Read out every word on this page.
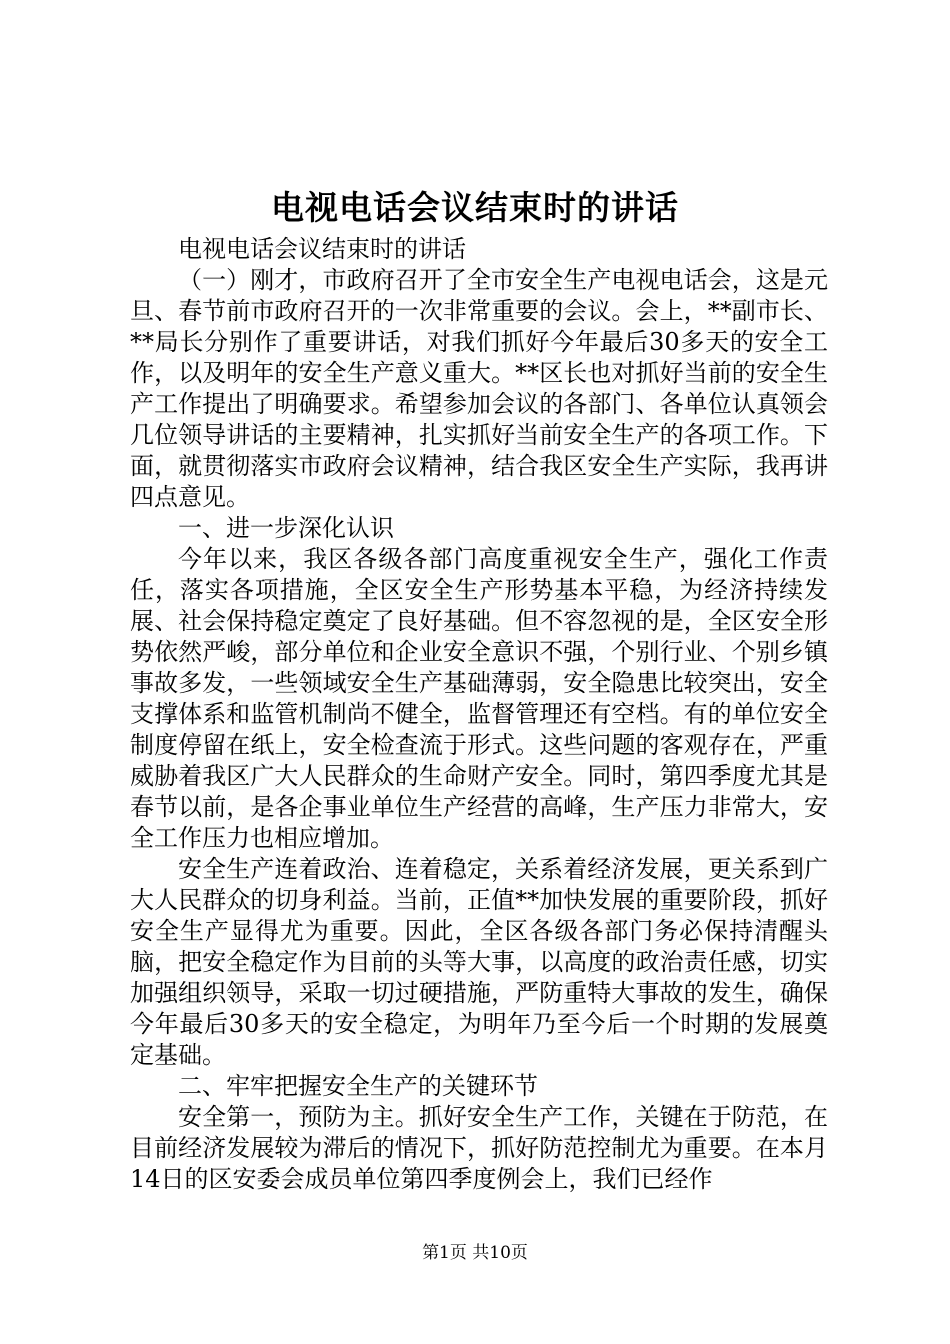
电视电话会议结束时的讲话

电视电话会议结束时的讲话

（一）刚才，市政府召开了全市安全生产电视电话会，这是元旦、春节前市政府召开的一次非常重要的会议。会上，**副市长、**局长分别作了重要讲话，对我们抓好今年最后30多天的安全工作，以及明年的安全生产意义重大。**区长也对抓好当前的安全生产工作提出了明确要求。希望参加会议的各部门、各单位认真领会几位领导讲话的主要精神，扎实抓好当前安全生产的各项工作。下面，就贯彻落实市政府会议精神，结合我区安全生产实际，我再讲四点意见。

一、进一步深化认识

今年以来，我区各级各部门高度重视安全生产，强化工作责任，落实各项措施，全区安全生产形势基本平稳，为经济持续发展、社会保持稳定奠定了良好基础。但不容忽视的是，全区安全形势依然严峻，部分单位和企业安全意识不强，个别行业、个别乡镇事故多发，一些领域安全生产基础薄弱，安全隐患比较突出，安全支撑体系和监管机制尚不健全，监督管理还有空档。有的单位安全制度停留在纸上，安全检查流于形式。这些问题的客观存在，严重威胁着我区广大人民群众的生命财产安全。同时，第四季度尤其是春节以前，是各企事业单位生产经营的高峰，生产压力非常大，安全工作压力也相应增加。

安全生产连着政治、连着稳定，关系着经济发展，更关系到广大人民群众的切身利益。当前，正值**加快发展的重要阶段，抓好安全生产显得尤为重要。因此，全区各级各部门务必保持清醒头脑，把安全稳定作为目前的头等大事，以高度的政治责任感，切实加强组织领导，采取一切过硬措施，严防重特大事故的发生，确保今年最后30多天的安全稳定，为明年乃至今后一个时期的发展奠定基础。

二、牢牢把握安全生产的关键环节

安全第一，预防为主。抓好安全生产工作，关键在于防范，在目前经济发展较为滞后的情况下，抓好防范控制尤为重要。在本月14日的区安委会成员单位第四季度例会上，我们已经作

第1页 共10页
